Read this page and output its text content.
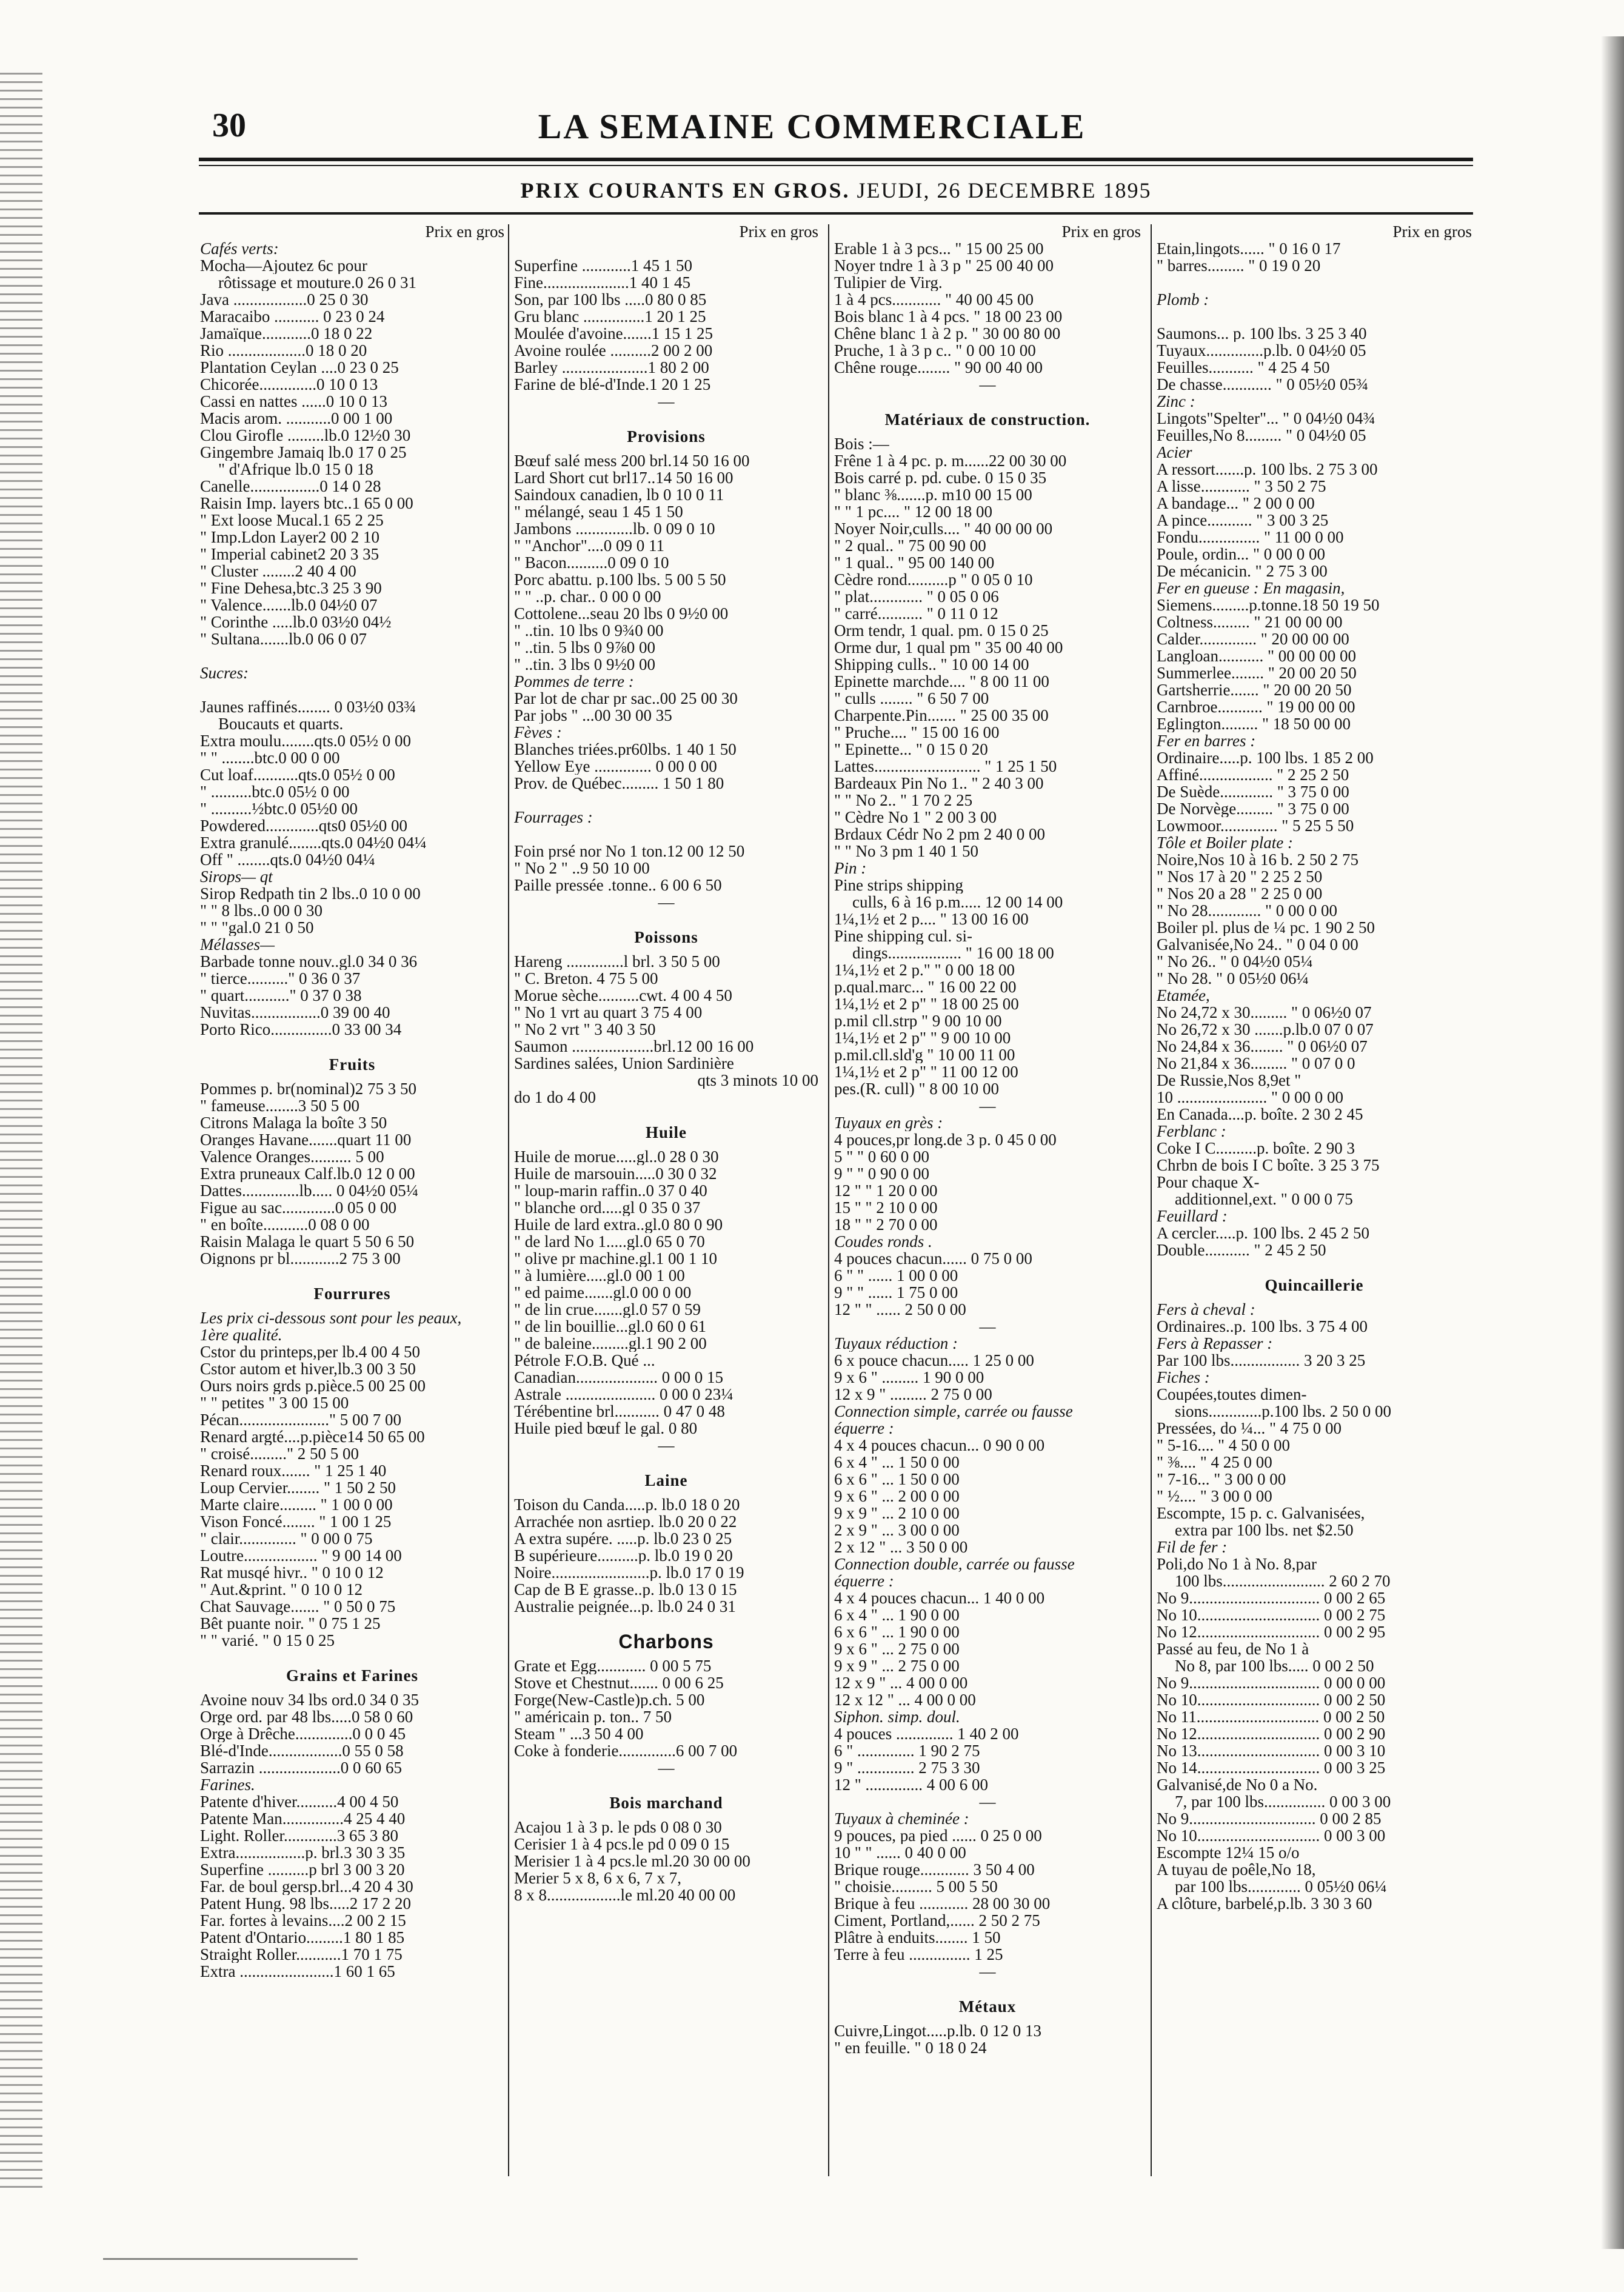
30	LA SEMAINE COMMERCIALE
PRIX COURANTS EN GROS. JEUDI, 26 DECEMBRE 1895

Prix en gros

Cafés verts:

Mocha—Ajoutez 6c pour

rôtissage et mouture.0 26 0 31

Java ..................0 25 0 30

Maracaibo ........... 0 23 0 24

Jamaïque............0 18 0 22

Rio ...................0 18 0 20

Plantation Ceylan ....0 23 0 25

Chicorée..............0 10 0 13

Cassi en nattes ......0 10 0 13

Macis arom. ...........0 00 1 00

Clou Girofle .........lb.0 12½0 30

Gingembre Jamaiq lb.0 17 0 25

" d'Afrique lb.0 15 0 18

Canelle.................0 14 0 28

Raisin Imp. layers btc..1 65 0 00

" Ext loose Mucal.1 65 2 25

" Imp.Ldon Layer2 00 2 10

" Imperial cabinet2 20 3 35

" Cluster ........2 40 4 00

" Fine Dehesa,btc.3 25 3 90

" Valence.......lb.0 04½0 07

" Corinthe .....lb.0 03½0 04½

" Sultana.......lb.0 06 0 07

Sucres:

Jaunes raffinés........ 0 03½0 03¾

Boucauts et quarts.

Extra moulu........qts.0 05½ 0 00

" " ........btc.0 00 0 00

Cut loaf...........qts.0 05½ 0 00

" ..........btc.0 05½ 0 00

" ..........½btc.0 05½0 00

Powdered.............qts0 05½0 00

Extra granulé........qts.0 04½0 04¼

Off " ........qts.0 04½0 04¼

Sirops— qt

Sirop Redpath tin 2 lbs..0 10 0 00

" " 8 lbs..0 00 0 30

" " "gal.0 21 0 50

Mélasses—

Barbade tonne nouv..gl.0 34 0 36

" tierce.........." 0 36 0 37

" quart..........." 0 37 0 38

Nuvitas.................0 39 00 40

Porto Rico...............0 33 00 34

Fruits

Pommes p. br(nominal)2 75 3 50

" fameuse........3 50 5 00

Citrons Malaga la boîte 3 50

Oranges Havane.......quart 11 00

Valence Oranges.......... 5 00

Extra pruneaux Calf.lb.0 12 0 00

Dattes..............lb..... 0 04½0 05¼

Figue au sac.............0 05 0 00

" en boîte...........0 08 0 00

Raisin Malaga le quart 5 50 6 50

Oignons pr bl............2 75 3 00

Fourrures

Les prix ci-dessous sont pour les peaux,

1ère qualité.

Cstor du printeps,per lb.4 00 4 50

Cstor autom et hiver,lb.3 00 3 50

Ours noirs grds p.pièce.5 00 25 00

" " petites " 3 00 15 00

Pécan......................" 5 00 7 00

Renard argté....p.pièce14 50 65 00

" croisé........." 2 50 5 00

Renard roux....... " 1 25 1 40

Loup Cervier........ " 1 50 2 50

Marte claire......... " 1 00 0 00

Vison Foncé........ " 1 00 1 25

" clair.............. " 0 00 0 75

Loutre.................. " 9 00 14 00

Rat musqé hivr.. " 0 10 0 12

" Aut.&print. " 0 10 0 12

Chat Sauvage....... " 0 50 0 75

Bêt puante noir. " 0 75 1 25

" " varié. " 0 15 0 25

Grains et Farines

Avoine nouv 34 lbs ord.0 34 0 35

Orge ord. par 48 lbs.....0 58 0 60

Orge à Drêche..............0 0 0 45

Blé-d'Inde..................0 55 0 58

Sarrazin ....................0 0 60 65

Farines.

Patente d'hiver..........4 00 4 50

Patente Man...............4 25 4 40

Light. Roller.............3 65 3 80

Extra.................p. brl.3 30 3 35

Superfine ..........p brl 3 00 3 20

Far. de boul gersp.brl...4 20 4 30

Patent Hung. 98 lbs.....2 17 2 20

Far. fortes à levains....2 00 2 15

Patent d'Ontario.........1 80 1 85

Straight Roller...........1 70 1 75

Extra .......................1 60 1 65

Prix en gros

Superfine ............1 45 1 50

Fine.....................1 40 1 45

Son, par 100 lbs .....0 80 0 85

Gru blanc ...............1 20 1 25

Moulée d'avoine.......1 15 1 25

Avoine roulée ..........2 00 2 00

Barley .....................1 80 2 00

Farine de blé-d'Inde.1 20 1 25

—

Provisions

Bœuf salé mess 200 brl.14 50 16 00

Lard Short cut brl17..14 50 16 00

Saindoux canadien, lb 0 10 0 11

" mélangé, seau 1 45 1 50

Jambons ..............lb. 0 09 0 10

" "Anchor"....0 09 0 11

" Bacon..........0 09 0 10

Porc abattu. p.100 lbs. 5 00 5 50

" " ..p. char.. 0 00 0 00

Cottolene...seau 20 lbs 0 9½0 00

" ..tin. 10 lbs 0 9¾0 00

" ..tin. 5 lbs 0 9⅞0 00

" ..tin. 3 lbs 0 9½0 00

Pommes de terre :

Par lot de char pr sac..00 25 00 30

Par jobs " ...00 30 00 35

Fèves :

Blanches triées.pr60lbs. 1 40 1 50

Yellow Eye .............. 0 00 0 00

Prov. de Québec......... 1 50 1 80

Fourrages :

Foin prsé nor No 1 ton.12 00 12 50

" No 2 " ..9 50 10 00

Paille pressée .tonne.. 6 00 6 50

—

Poissons

Hareng ..............l brl. 3 50 5 00

" C. Breton. 4 75 5 00

Morue sèche..........cwt. 4 00 4 50

" No 1 vrt au quart 3 75 4 00

" No 2 vrt " 3 40 3 50

Saumon ....................brl.12 00 16 00

Sardines salées, Union Sardinière

qts 3 minots 10 00

do 1 do 4 00

Huile

Huile de morue.....gl..0 28 0 30

Huile de marsouin.....0 30 0 32

" loup-marin raffin..0 37 0 40

" blanche ord.....gl 0 35 0 37

Huile de lard extra..gl.0 80 0 90

" de lard No 1.....gl.0 65 0 70

" olive pr machine.gl.1 00 1 10

" à lumière.....gl.0 00 1 00

" ed paime.......gl.0 00 0 00

" de lin crue.......gl.0 57 0 59

" de lin bouillie...gl.0 60 0 61

" de baleine.........gl.1 90 2 00

Pétrole F.O.B. Qué ...

Canadian.................... 0 00 0 15

Astrale ...................... 0 00 0 23¼

Térébentine brl........... 0 47 0 48

Huile pied bœuf le gal. 0 80

—

Laine

Toison du Canda.....p. lb.0 18 0 20

Arrachée non asrtiep. lb.0 20 0 22

A extra supére. .....p. lb.0 23 0 25

B supérieure..........p. lb.0 19 0 20

Noire........................p. lb.0 17 0 19

Cap de B E grasse..p. lb.0 13 0 15

Australie peignée...p. lb.0 24 0 31

Charbons

Grate et Egg............ 0 00 5 75

Stove et Chestnut....... 0 00 6 25

Forge(New-Castle)p.ch. 5 00

" américain p. ton.. 7 50

Steam " ...3 50 4 00

Coke à fonderie..............6 00 7 00

—

Bois marchand

Acajou 1 à 3 p. le pds 0 08 0 30

Cerisier 1 à 4 pcs.le pd 0 09 0 15

Merisier 1 à 4 pcs.le ml.20 30 00 00

Merier 5 x 8, 6 x 6, 7 x 7,

8 x 8..................le ml.20 40 00 00

Prix en gros

Erable 1 à 3 pcs... " 15 00 25 00

Noyer tndre 1 à 3 p " 25 00 40 00

Tulipier de Virg.

1 à 4 pcs............ " 40 00 45 00

Bois blanc 1 à 4 pcs. " 18 00 23 00

Chêne blanc 1 à 2 p. " 30 00 80 00

Pruche, 1 à 3 p c.. " 0 00 10 00

Chêne rouge........ " 90 00 40 00

—

Matériaux de construction.

Bois :—

Frêne 1 à 4 pc. p. m......22 00 30 00

Bois carré p. pd. cube. 0 15 0 35

" blanc ⅜.......p. m10 00 15 00

" " 1 pc.... " 12 00 18 00

Noyer Noir,culls.... " 40 00 00 00

" 2 qual.. " 75 00 90 00

" 1 qual.. " 95 00 140 00

Cèdre rond..........p " 0 05 0 10

" plat............. " 0 05 0 06

" carré........... " 0 11 0 12

Orm tendr, 1 qual. pm. 0 15 0 25

Orme dur, 1 qual pm " 35 00 40 00

Shipping culls.. " 10 00 14 00

Epinette marchde.... " 8 00 11 00

" culls ........ " 6 50 7 00

Charpente.Pin....... " 25 00 35 00

" Pruche.... " 15 00 16 00

" Epinette... " 0 15 0 20

Lattes.......................... " 1 25 1 50

Bardeaux Pin No 1.. " 2 40 3 00

" " No 2.. " 1 70 2 25

" Cèdre No 1 " 2 00 3 00

Brdaux Cédr No 2 pm 2 40 0 00

" " No 3 pm 1 40 1 50

Pin :

Pine strips shipping

culls, 6 à 16 p.m..... 12 00 14 00

1¼,1½ et 2 p.... " 13 00 16 00

Pine shipping cul. si-

dings.................. " 16 00 18 00

1¼,1½ et 2 p." " 0 00 18 00

p.qual.marc... " 16 00 22 00

1¼,1½ et 2 p" " 18 00 25 00

p.mil cll.strp " 9 00 10 00

1¼,1½ et 2 p" " 9 00 10 00

p.mil.cll.sld'g " 10 00 11 00

1¼,1½ et 2 p" " 11 00 12 00

pes.(R. cull) " 8 00 10 00

—

Tuyaux en grès :

4 pouces,pr long.de 3 p. 0 45 0 00

5 " " 0 60 0 00

9 " " 0 90 0 00

12 " " 1 20 0 00

15 " " 2 10 0 00

18 " " 2 70 0 00

Coudes ronds .

4 pouces chacun...... 0 75 0 00

6 " " ...... 1 00 0 00

9 " " ...... 1 75 0 00

12 " " ...... 2 50 0 00

—

Tuyaux réduction :

6 x pouce chacun..... 1 25 0 00

9 x 6 " ......... 1 90 0 00

12 x 9 " ......... 2 75 0 00

Connection simple, carrée ou fausse

équerre :

4 x 4 pouces chacun... 0 90 0 00

6 x 4 " ... 1 50 0 00

6 x 6 " ... 1 50 0 00

9 x 6 " ... 2 00 0 00

9 x 9 " ... 2 10 0 00

2 x 9 " ... 3 00 0 00

2 x 12 " ... 3 50 0 00

Connection double, carrée ou fausse

équerre :

4 x 4 pouces chacun... 1 40 0 00

6 x 4 " ... 1 90 0 00

6 x 6 " ... 1 90 0 00

9 x 6 " ... 2 75 0 00

9 x 9 " ... 2 75 0 00

12 x 9 " ... 4 00 0 00

12 x 12 " ... 4 00 0 00

Siphon. simp. doul.

4 pouces .............. 1 40 2 00

6 " .............. 1 90 2 75

9 " .............. 2 75 3 30

12 " .............. 4 00 6 00

—

Tuyaux à cheminée :

9 pouces, pa pied ...... 0 25 0 00

10 " " ...... 0 40 0 00

Brique rouge............ 3 50 4 00

" choisie.......... 5 00 5 50

Brique à feu ............ 28 00 30 00

Ciment, Portland,...... 2 50 2 75

Plâtre à enduits........ 1 50

Terre à feu ............... 1 25

—

Métaux

Cuivre,Lingot.....p.lb. 0 12 0 13

" en feuille. " 0 18 0 24

Prix en gros

Etain,lingots...... " 0 16 0 17

" barres......... " 0 19 0 20

Plomb :

Saumons... p. 100 lbs. 3 25 3 40

Tuyaux..............p.lb. 0 04½0 05

Feuilles........... " 4 25 4 50

De chasse............ " 0 05½0 05¾

Zinc :

Lingots"Spelter"... " 0 04½0 04¾

Feuilles,No 8......... " 0 04½0 05

Acier

A ressort.......p. 100 lbs. 2 75 3 00

A lisse............ " 3 50 2 75

A bandage... " 2 00 0 00

A pince........... " 3 00 3 25

Fondu............... " 11 00 0 00

Poule, ordin... " 0 00 0 00

De mécanicin. " 2 75 3 00

Fer en gueuse : En magasin,

Siemens.........p.tonne.18 50 19 50

Coltness......... " 21 00 00 00

Calder.............. " 20 00 00 00

Langloan........... " 00 00 00 00

Summerlee........ " 20 00 20 50

Gartsherrie....... " 20 00 20 50

Carnbroe........... " 19 00 00 00

Eglington......... " 18 50 00 00

Fer en barres :

Ordinaire.....p. 100 lbs. 1 85 2 00

Affiné.................. " 2 25 2 50

De Suède............. " 3 75 0 00

De Norvège......... " 3 75 0 00

Lowmoor.............. " 5 25 5 50

Tôle et Boiler plate :

Noire,Nos 10 à 16 b. 2 50 2 75

" Nos 17 à 20 " 2 25 2 50

" Nos 20 a 28 " 2 25 0 00

" No 28............. " 0 00 0 00

Boiler pl. plus de ¼ pc. 1 90 2 50

Galvanisée,No 24.. " 0 04 0 00

" No 26.. " 0 04½0 05¼

" No 28. " 0 05½0 06¼

Etamée,

No 24,72 x 30......... " 0 06½0 07

No 26,72 x 30 .......p.lb.0 07 0 07

No 24,84 x 36........ " 0 06½0 07

No 21,84 x 36......... " 0 07 0 0

De Russie,Nos 8,9et "

10 ...................... " 0 00 0 00

En Canada....p. boîte. 2 30 2 45

Ferblanc :

Coke I C..........p. boîte. 2 90 3

Chrbn de bois I C boîte. 3 25 3 75

Pour chaque X-

additionnel,ext. " 0 00 0 75

Feuillard :

A cercler.....p. 100 lbs. 2 45 2 50

Double........... " 2 45 2 50

Quincaillerie

Fers à cheval :

Ordinaires..p. 100 lbs. 3 75 4 00

Fers à Repasser :

Par 100 lbs................. 3 20 3 25

Fiches :

Coupées,toutes dimen-

sions.............p.100 lbs. 2 50 0 00

Pressées, do ¼... " 4 75 0 00

" 5-16.... " 4 50 0 00

" ⅜.... " 4 25 0 00

" 7-16... " 3 00 0 00

" ½.... " 3 00 0 00

Escompte, 15 p. c. Galvanisées,

extra par 100 lbs. net $2.50

Fil de fer :

Poli,do No 1 à No. 8,par

100 lbs......................... 2 60 2 70

No 9................................ 0 00 2 65

No 10.............................. 0 00 2 75

No 12.............................. 0 00 2 95

Passé au feu, de No 1 à

No 8, par 100 lbs..... 0 00 2 50

No 9................................ 0 00 0 00

No 10.............................. 0 00 2 50

No 11.............................. 0 00 2 50

No 12.............................. 0 00 2 90

No 13.............................. 0 00 3 10

No 14.............................. 0 00 3 25

Galvanisé,de No 0 a No.

7, par 100 lbs............... 0 00 3 00

No 9............................... 0 00 2 85

No 10.............................. 0 00 3 00

Escompte 12¼ 15 o/o

A tuyau de poêle,No 18,

par 100 lbs............. 0 05½0 06¼

A clôture, barbelé,p.lb. 3 30 3 60
